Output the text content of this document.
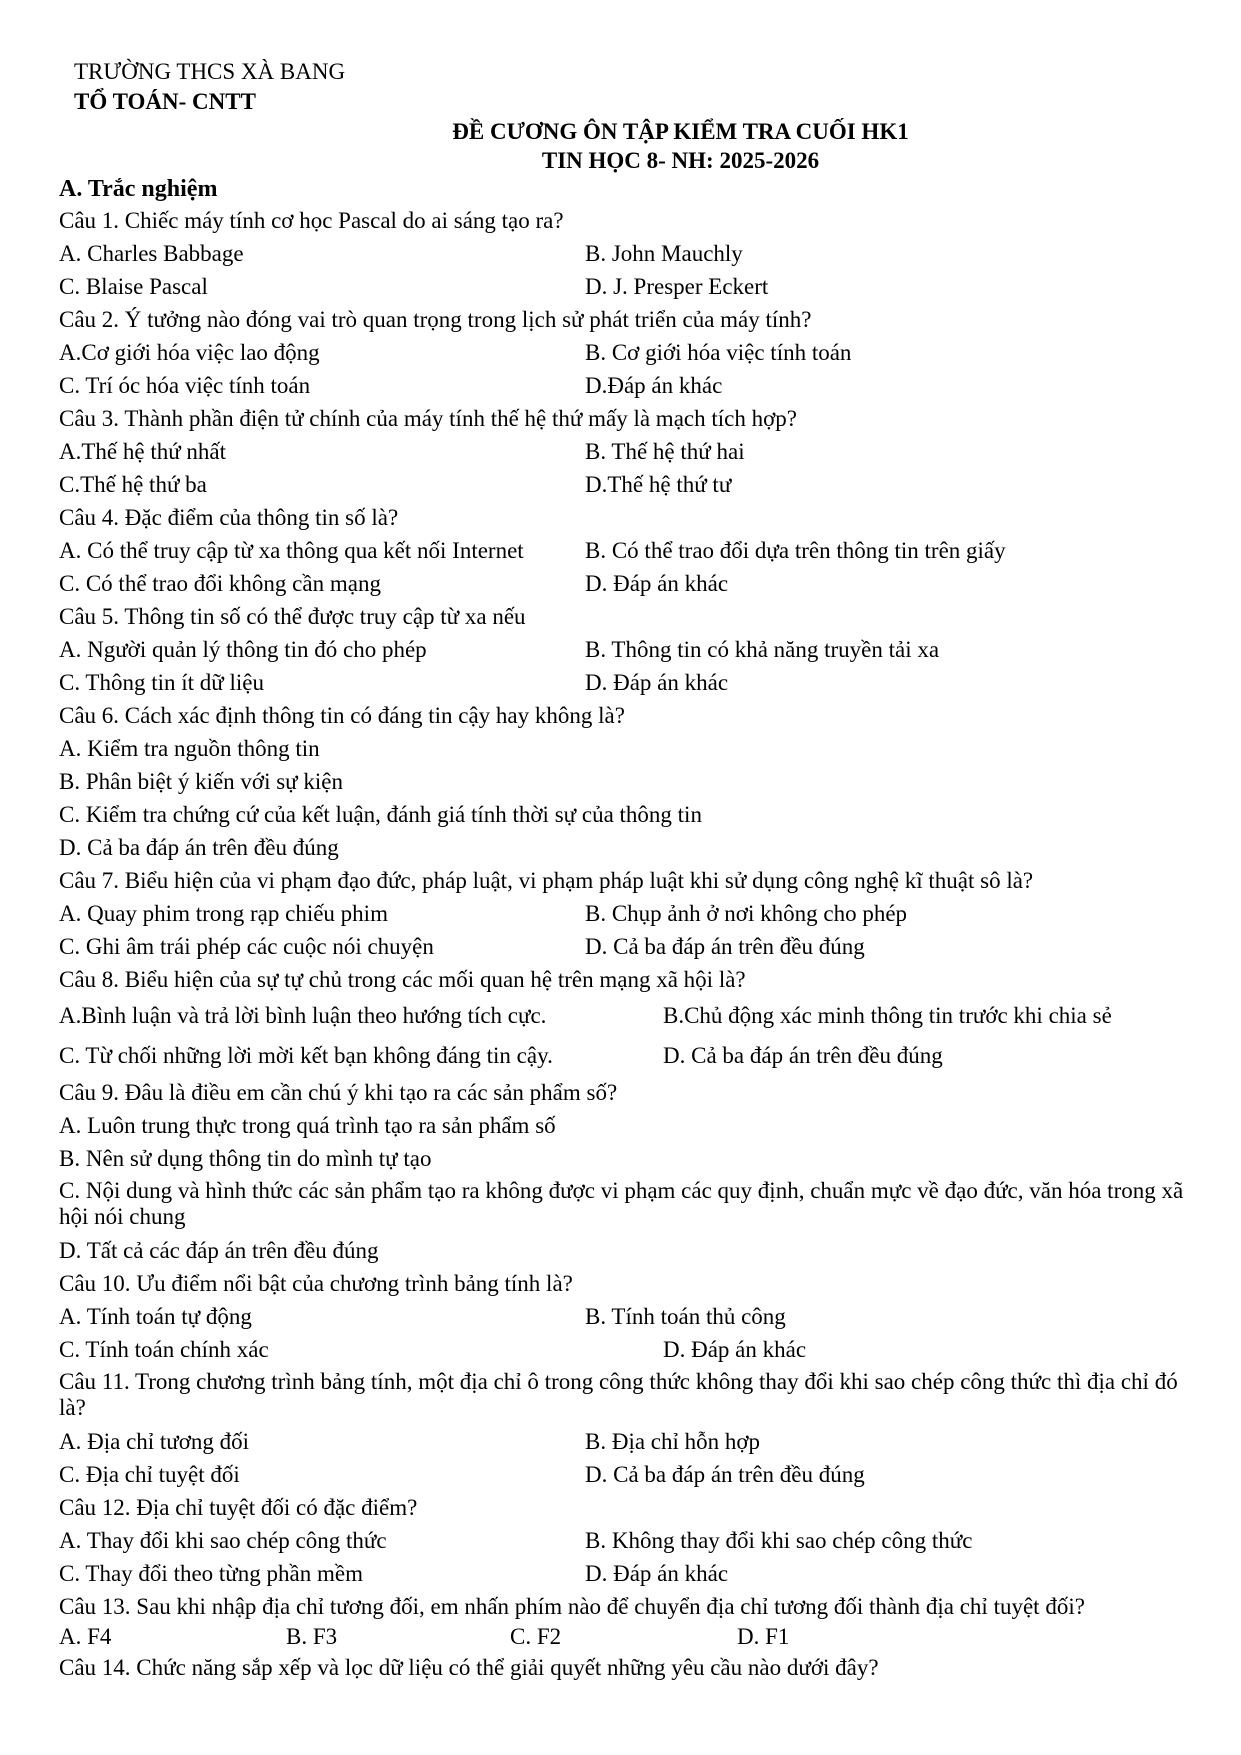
TRƯỜNG THCS XÀ BANG
TỔ TOÁN- CNTT
ĐỀ CƯƠNG ÔN TẬP KIỂM TRA CUỐI HK1
TIN HỌC 8- NH: 2025-2026
A. Trắc nghiệm
Câu 1. Chiếc máy tính cơ học Pascal do ai sáng tạo ra?
A. Charles Babbage	B. John Mauchly
C. Blaise Pascal	D. J. Presper Eckert
Câu 2. Ý tưởng nào đóng vai trò quan trọng trong lịch sử phát triển của máy tính?
A.Cơ giới hóa việc lao động	B. Cơ giới hóa việc tính toán
C. Trí óc hóa việc tính toán	D.Đáp án khác
Câu 3. Thành phần điện tử chính của máy tính thế hệ thứ mấy là mạch tích hợp?
A.Thế hệ thứ nhất	B. Thế hệ thứ hai
C.Thế hệ thứ ba	D.Thế hệ thứ tư
Câu 4. Đặc điểm của thông tin số là?
A. Có thể truy cập từ xa thông qua kết nối Internet	B. Có thể trao đổi dựa trên thông tin trên giấy
C. Có thể trao đổi không cần mạng	D. Đáp án khác
Câu 5. Thông tin số có thể được truy cập từ xa nếu
A. Người quản lý thông tin đó cho phép	B. Thông tin có khả năng truyền tải xa
C. Thông tin ít dữ liệu	D. Đáp án khác
Câu 6. Cách xác định thông tin có đáng tin cậy hay không là?
A. Kiểm tra nguồn thông tin
B. Phân biệt ý kiến với sự kiện
C. Kiểm tra chứng cứ của kết luận, đánh giá tính thời sự của thông tin
D. Cả ba đáp án trên đều đúng
Câu 7. Biểu hiện của vi phạm đạo đức, pháp luật, vi phạm pháp luật khi sử dụng công nghệ kĩ thuật sô là?
A. Quay phim trong rạp chiếu phim	B. Chụp ảnh ở nơi không cho phép
C. Ghi âm trái phép các cuộc nói chuyện	D. Cả ba đáp án trên đều đúng
Câu 8. Biểu hiện của sự tự chủ trong các mối quan hệ trên mạng xã hội là?
A.Bình luận và trả lời bình luận theo hướng tích cực.	B.Chủ động xác minh thông tin trước khi chia sẻ
C. Từ chối những lời mời kết bạn không đáng tin cậy.	D. Cả ba đáp án trên đều đúng
Câu 9. Đâu là điều em cần chú ý khi tạo ra các sản phẩm số?
A. Luôn trung thực trong quá trình tạo ra sản phẩm số
B. Nên sử dụng thông tin do mình tự tạo
C. Nội dung và hình thức các sản phẩm tạo ra không được vi phạm các quy định, chuẩn mực về đạo đức, văn hóa trong xã hội nói chung
D. Tất cả các đáp án trên đều đúng
Câu 10. Ưu điểm nổi bật của chương trình bảng tính là?
A. Tính toán tự động	B. Tính toán thủ công
C. Tính toán chính xác	D. Đáp án khác
Câu 11. Trong chương trình bảng tính, một địa chỉ ô trong công thức không thay đổi khi sao chép công thức thì địa chỉ đó là?
A. Địa chỉ tương đối	B. Địa chỉ hỗn hợp
C. Địa chỉ tuyệt đối	D. Cả ba đáp án trên đều đúng
Câu 12. Địa chỉ tuyệt đối có đặc điểm?
A. Thay đổi khi sao chép công thức	B. Không thay đổi khi sao chép công thức
C. Thay đổi theo từng phần mềm	D. Đáp án khác
Câu 13. Sau khi nhập địa chỉ tương đối, em nhấn phím nào để chuyển địa chỉ tương đối thành địa chỉ tuyệt đối?
A. F4	B. F3	C. F2	D. F1
Câu 14. Chức năng sắp xếp và lọc dữ liệu có thể giải quyết những yêu cầu nào dưới đây?
